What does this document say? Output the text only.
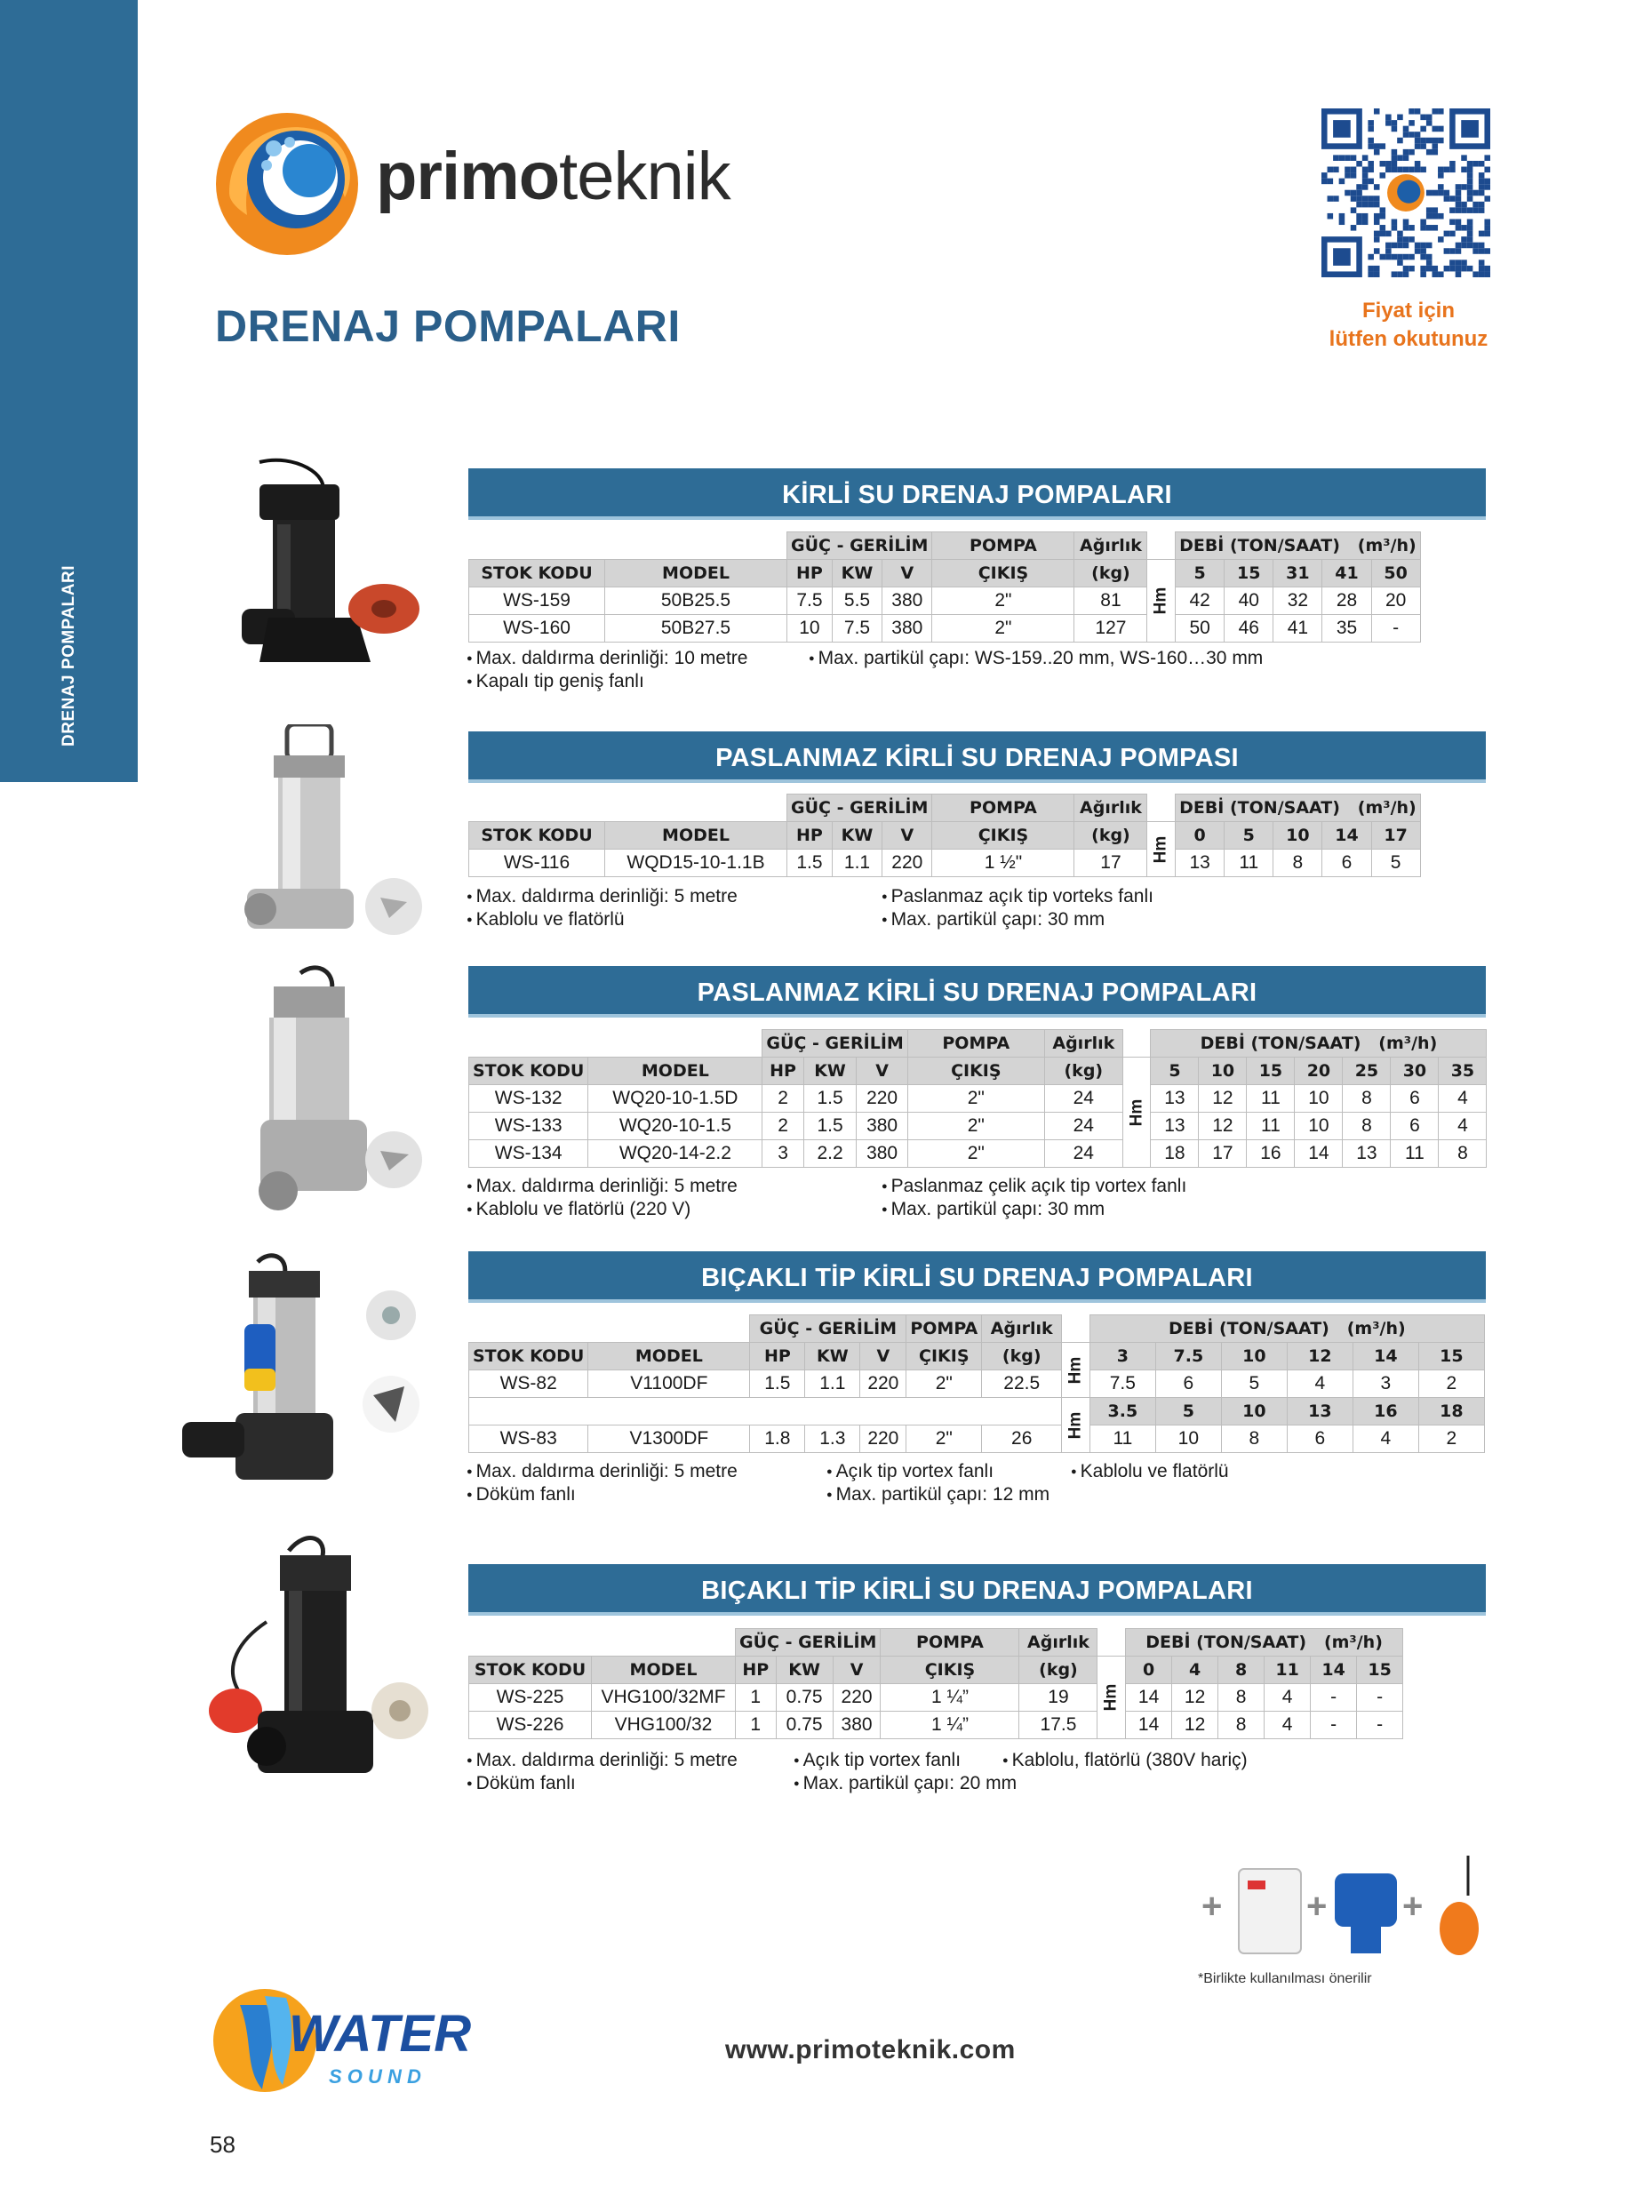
DRENAJ POMPALARI
primoteknik
DRENAJ POMPALARI	Fiyat için
lütfen okutunuz
KİRLİ SU DRENAJ POMPALARI
		GÜÇ - GERİLİM			POMPA	Ağırlık		DEBİ (TON/SAAT) (m³/h)				
STOK KODU	MODEL	HP	KW	V	ÇIKIŞ	(kg)	Hm	5	15	31	41	50
WS-159	50B25.5	7.5	5.5	380	2"	81		42	40	32	28	20
WS-160	50B27.5	10	7.5	380	2"	127		50	46	41	35	-
● Max. daldırma derinliği: 10 metre
● Kapalı tip geniş fanlı
● Max. partikül çapı: WS-159..20 mm, WS-160…30 mm
PASLANMAZ KİRLİ SU DRENAJ POMPASI
		GÜÇ - GERİLİM			POMPA	Ağırlık		DEBİ (TON/SAAT) (m³/h)				
STOK KODU	MODEL	HP	KW	V	ÇIKIŞ	(kg)	Hm	0	5	10	14	17
WS-116	WQD15-10-1.1B	1.5	1.1	220	1 ½"	17		13	11	8	6	5
● Max. daldırma derinliği: 5 metre
● Kablolu ve flatörlü
● Paslanmaz açık tip vorteks fanlı
● Max. partikül çapı: 30 mm
PASLANMAZ KİRLİ SU DRENAJ POMPALARI
		GÜÇ - GERİLİM			POMPA	Ağırlık		DEBİ (TON/SAAT) (m³/h)						
STOK KODU	MODEL	HP	KW	V	ÇIKIŞ	(kg)	Hm	5	10	15	20	25	30	35
WS-132	WQ20-10-1.5D	2	1.5	220	2"	24		13	12	11	10	8	6	4
WS-133	WQ20-10-1.5	2	1.5	380	2"	24		13	12	11	10	8	6	4
WS-134	WQ20-14-2.2	3	2.2	380	2"	24		18	17	16	14	13	11	8
● Max. daldırma derinliği: 5 metre
● Kablolu ve flatörlü (220 V)
● Paslanmaz çelik açık tip vortex fanlı
● Max. partikül çapı: 30 mm
BIÇAKLI TİP KİRLİ SU DRENAJ POMPALARI
		GÜÇ - GERİLİM			POMPA	Ağırlık		DEBİ (TON/SAAT) (m³/h)					
STOK KODU	MODEL	HP	KW	V	ÇIKIŞ	(kg)	Hm	3	7.5	10	12	14	15
WS-82	V1100DF	1.5	1.1	220	2"	22.5		7.5	6	5	4	3	2
							Hm	3.5	5	10	13	16	18
WS-83	V1300DF	1.8	1.3	220	2"	26		11	10	8	6	4	2
● Max. daldırma derinliği: 5 metre
● Döküm fanlı
● Açık tip vortex fanlı
● Max. partikül çapı: 12 mm
● Kablolu ve flatörlü
BIÇAKLI TİP KİRLİ SU DRENAJ POMPALARI
		GÜÇ - GERİLİM			POMPA	Ağırlık		DEBİ (TON/SAAT) (m³/h)					
STOK KODU	MODEL	HP	KW	V	ÇIKIŞ	(kg)	Hm	0	4	8	11	14	15
WS-225	VHG100/32MF	1	0.75	220	1 ¼”	19		14	12	8	4	-	-
WS-226	VHG100/32	1	0.75	380	1 ¼”	17.5		14	12	8	4	-	-
● Max. daldırma derinliği: 5 metre
● Döküm fanlı
● Açık tip vortex fanlı
● Max. partikül çapı: 20 mm
● Kablolu, flatörlü (380V hariç)
+ + +
*Birlikte kullanılması önerilir
WATER
S O U N D
www.primoteknik.com
58
